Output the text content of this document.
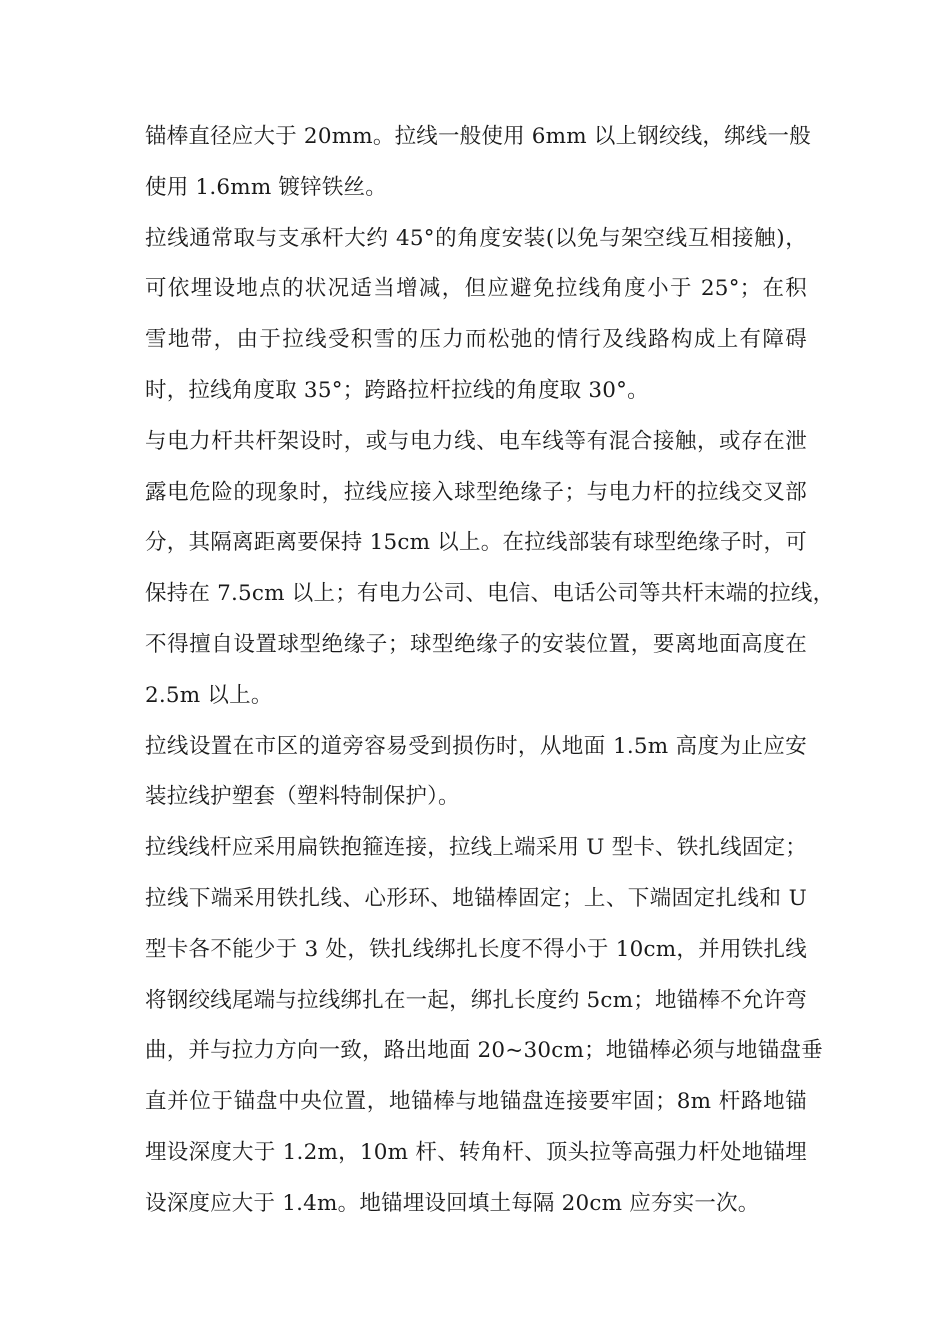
锚棒直径应大于 20mm。拉线一般使用 6mm 以上钢绞线，绑线一般
使用 1.6mm 镀锌铁丝。

拉线通常取与支承杆大约 45°的角度安装(以免与架空线互相接触)，
可依埋设地点的状况适当增减，但应避免拉线角度小于 25°；在积
雪地带，由于拉线受积雪的压力而松弛的情行及线路构成上有障碍
时，拉线角度取 35°；跨路拉杆拉线的角度取 30°。

与电力杆共杆架设时，或与电力线、电车线等有混合接触，或存在泄
露电危险的现象时，拉线应接入球型绝缘子；与电力杆的拉线交叉部
分，其隔离距离要保持 15cm 以上。在拉线部装有球型绝缘子时，可
保持在 7.5cm 以上；有电力公司、电信、电话公司等共杆末端的拉线，
不得擅自设置球型绝缘子；球型绝缘子的安装位置，要离地面高度在
2.5m 以上。

拉线设置在市区的道旁容易受到损伤时，从地面 1.5m 高度为止应安
装拉线护塑套（塑料特制保护）。

拉线线杆应采用扁铁抱箍连接，拉线上端采用 U 型卡、铁扎线固定；
拉线下端采用铁扎线、心形环、地锚棒固定；上、下端固定扎线和 U
型卡各不能少于 3 处，铁扎线绑扎长度不得小于 10cm，并用铁扎线
将钢绞线尾端与拉线绑扎在一起，绑扎长度约 5cm；地锚棒不允许弯
曲，并与拉力方向一致，路出地面 20~30cm；地锚棒必须与地锚盘垂
直并位于锚盘中央位置，地锚棒与地锚盘连接要牢固；8m 杆路地锚
埋设深度大于 1.2m，10m 杆、转角杆、顶头拉等高强力杆处地锚埋
设深度应大于 1.4m。地锚埋设回填土每隔 20cm 应夯实一次。
